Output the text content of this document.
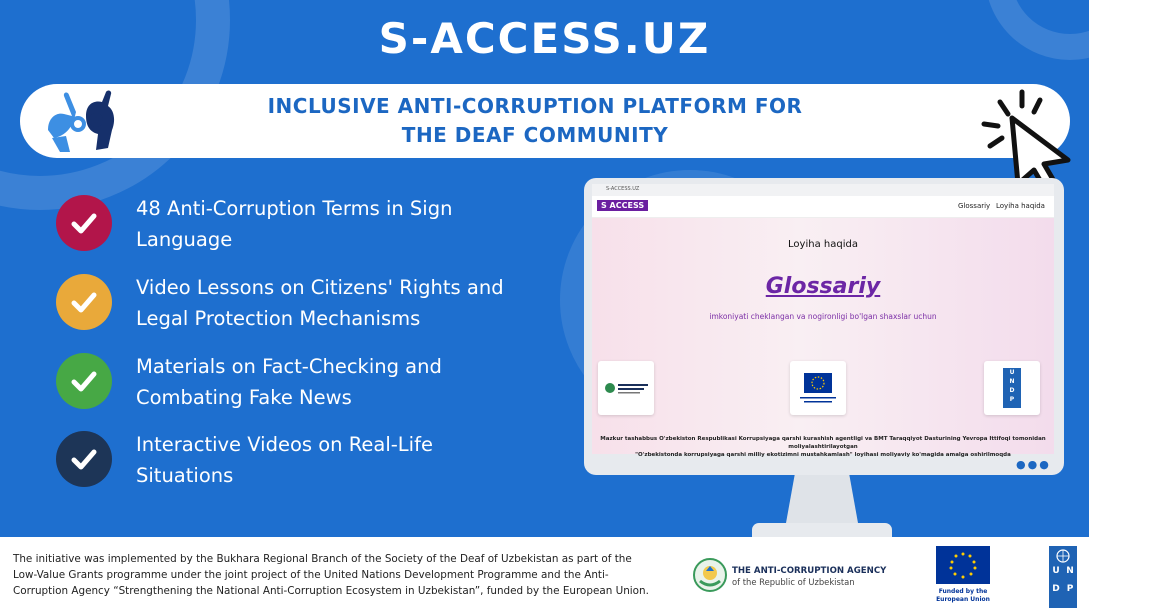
S-ACCESS.UZ
INCLUSIVE ANTI-CORRUPTION PLATFORM FOR
THE DEAF COMMUNITY
48 Anti-Corruption Terms in Sign
Language
Video Lessons on Citizens' Rights and
Legal Protection Mechanisms
Materials on Fact-Checking and
Combating Fake News
Interactive Videos on Real-Life
Situations
S-ACCESS.UZ
S ACCESS	Glossariy Loyiha haqida
Loyiha haqida
Glossariy
imkoniyati cheklangan va nogironligi bo'lgan shaxslar uchun
U
N
D
P
Mazkur tashabbus O'zbekiston Respublikasi Korrupsiyaga qarshi kurashish agentligi va BMT Taraqqiyot Dasturining Yevropa Ittifoqi tomonidan moliyalashtirilayotgan
"O'zbekistonda korrupsiyaga qarshi milliy ekotizimni mustahkamlash" loyihasi moliyaviy ko'magida amalga oshirilmoqda
●●●
The initiative was implemented by the Bukhara Regional Branch of the Society of the Deaf of Uzbekistan as part of the
Low-Value Grants programme under the joint project of the United Nations Development Programme and the Anti-
Corruption Agency “Strengthening the National Anti-Corruption Ecosystem in Uzbekistan”, funded by the European Union.
THE ANTI-CORRUPTION AGENCY
of the Republic of Uzbekistan
Funded by the
European Union
U N
D P
